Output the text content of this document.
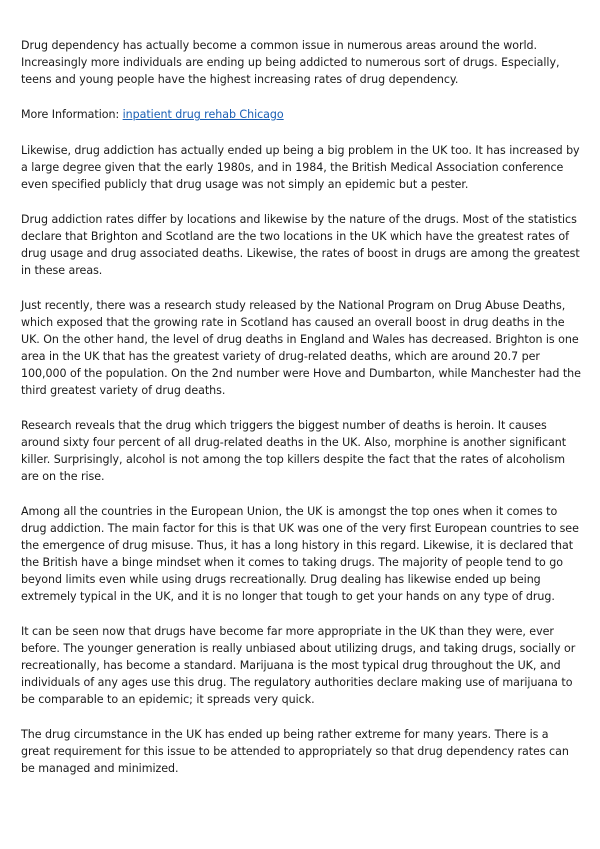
Drug dependency has actually become a common issue in numerous areas around the world. Increasingly more individuals are ending up being addicted to numerous sort of drugs. Especially, teens and young people have the highest increasing rates of drug dependency.

More Information: inpatient drug rehab Chicago

Likewise, drug addiction has actually ended up being a big problem in the UK too. It has increased by a large degree given that the early 1980s, and in 1984, the British Medical Association conference even specified publicly that drug usage was not simply an epidemic but a pester.

Drug addiction rates differ by locations and likewise by the nature of the drugs. Most of the statistics declare that Brighton and Scotland are the two locations in the UK which have the greatest rates of drug usage and drug associated deaths. Likewise, the rates of boost in drugs are among the greatest in these areas.

Just recently, there was a research study released by the National Program on Drug Abuse Deaths, which exposed that the growing rate in Scotland has caused an overall boost in drug deaths in the UK. On the other hand, the level of drug deaths in England and Wales has decreased. Brighton is one area in the UK that has the greatest variety of drug-related deaths, which are around 20.7 per 100,000 of the population. On the 2nd number were Hove and Dumbarton, while Manchester had the third greatest variety of drug deaths.

Research reveals that the drug which triggers the biggest number of deaths is heroin. It causes around sixty four percent of all drug-related deaths in the UK. Also, morphine is another significant killer. Surprisingly, alcohol is not among the top killers despite the fact that the rates of alcoholism are on the rise.

Among all the countries in the European Union, the UK is amongst the top ones when it comes to drug addiction. The main factor for this is that UK was one of the very first European countries to see the emergence of drug misuse. Thus, it has a long history in this regard. Likewise, it is declared that the British have a binge mindset when it comes to taking drugs. The majority of people tend to go beyond limits even while using drugs recreationally. Drug dealing has likewise ended up being extremely typical in the UK, and it is no longer that tough to get your hands on any type of drug.

It can be seen now that drugs have become far more appropriate in the UK than they were, ever before. The younger generation is really unbiased about utilizing drugs, and taking drugs, socially or recreationally, has become a standard. Marijuana is the most typical drug throughout the UK, and individuals of any ages use this drug. The regulatory authorities declare making use of marijuana to be comparable to an epidemic; it spreads very quick.

The drug circumstance in the UK has ended up being rather extreme for many years. There is a great requirement for this issue to be attended to appropriately so that drug dependency rates can be managed and minimized.
